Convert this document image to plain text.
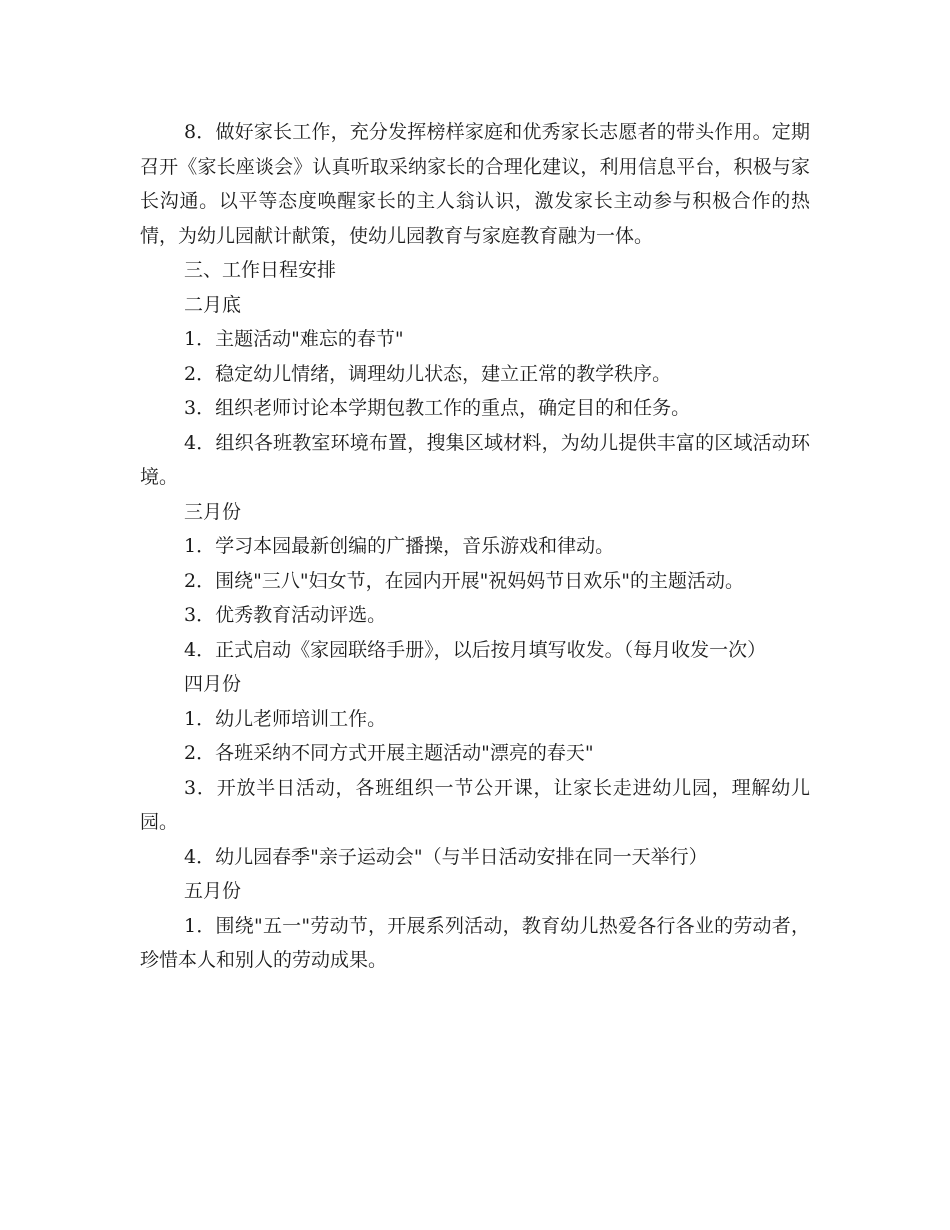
8．做好家长工作，充分发挥榜样家庭和优秀家长志愿者的带头作用。定期召开《家长座谈会》认真听取采纳家长的合理化建议，利用信息平台，积极与家长沟通。以平等态度唤醒家长的主人翁认识，激发家长主动参与积极合作的热情，为幼儿园献计献策，使幼儿园教育与家庭教育融为一体。

三、工作日程安排

二月底

1．主题活动"难忘的春节"

2．稳定幼儿情绪，调理幼儿状态，建立正常的教学秩序。

3．组织老师讨论本学期包教工作的重点，确定目的和任务。

4．组织各班教室环境布置，搜集区域材料，为幼儿提供丰富的区域活动环境。

三月份

1．学习本园最新创编的广播操，音乐游戏和律动。

2．围绕"三八"妇女节，在园内开展"祝妈妈节日欢乐"的主题活动。

3．优秀教育活动评选。

4．正式启动《家园联络手册》，以后按月填写收发。（每月收发一次）

四月份

1．幼儿老师培训工作。

2．各班采纳不同方式开展主题活动"漂亮的春天"

3．开放半日活动，各班组织一节公开课，让家长走进幼儿园，理解幼儿园。

4．幼儿园春季"亲子运动会"（与半日活动安排在同一天举行）

五月份

1．围绕"五一"劳动节，开展系列活动，教育幼儿热爱各行各业的劳动者，珍惜本人和别人的劳动成果。
